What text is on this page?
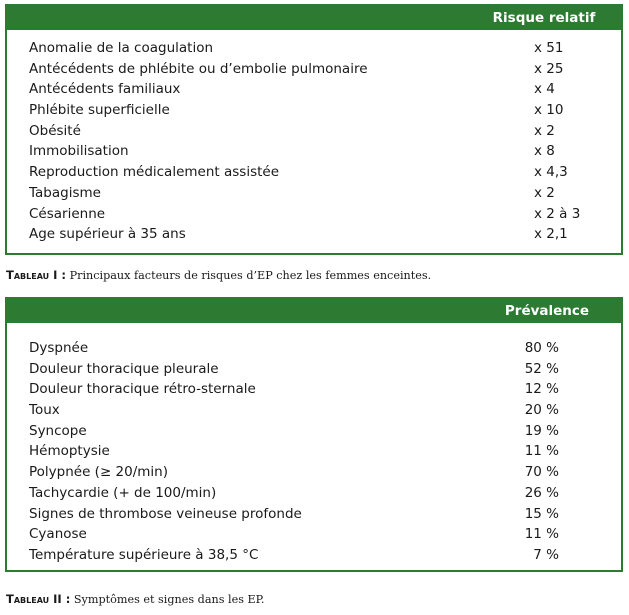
Risque relatif
Anomalie de la coagulation	x 51
Antécédents de phlébite ou d’embolie pulmonaire	x 25
Antécédents familiaux	x 4
Phlébite superficielle	x 10
Obésité	x 2
Immobilisation	x 8
Reproduction médicalement assistée	x 4,3
Tabagisme	x 2
Césarienne	x 2 à 3
Age supérieur à 35 ans	x 2,1
Tableau I : Principaux facteurs de risques d’EP chez les femmes enceintes.
Prévalence
Dyspnée	80 %
Douleur thoracique pleurale	52 %
Douleur thoracique rétro-sternale	12 %
Toux	20 %
Syncope	19 %
Hémoptysie	11 %
Polypnée (≥ 20/min)	70 %
Tachycardie (+ de 100/min)	26 %
Signes de thrombose veineuse profonde	15 %
Cyanose	11 %
Température supérieure à 38,5 °C	7 %
Tableau II : Symptômes et signes dans les EP.
